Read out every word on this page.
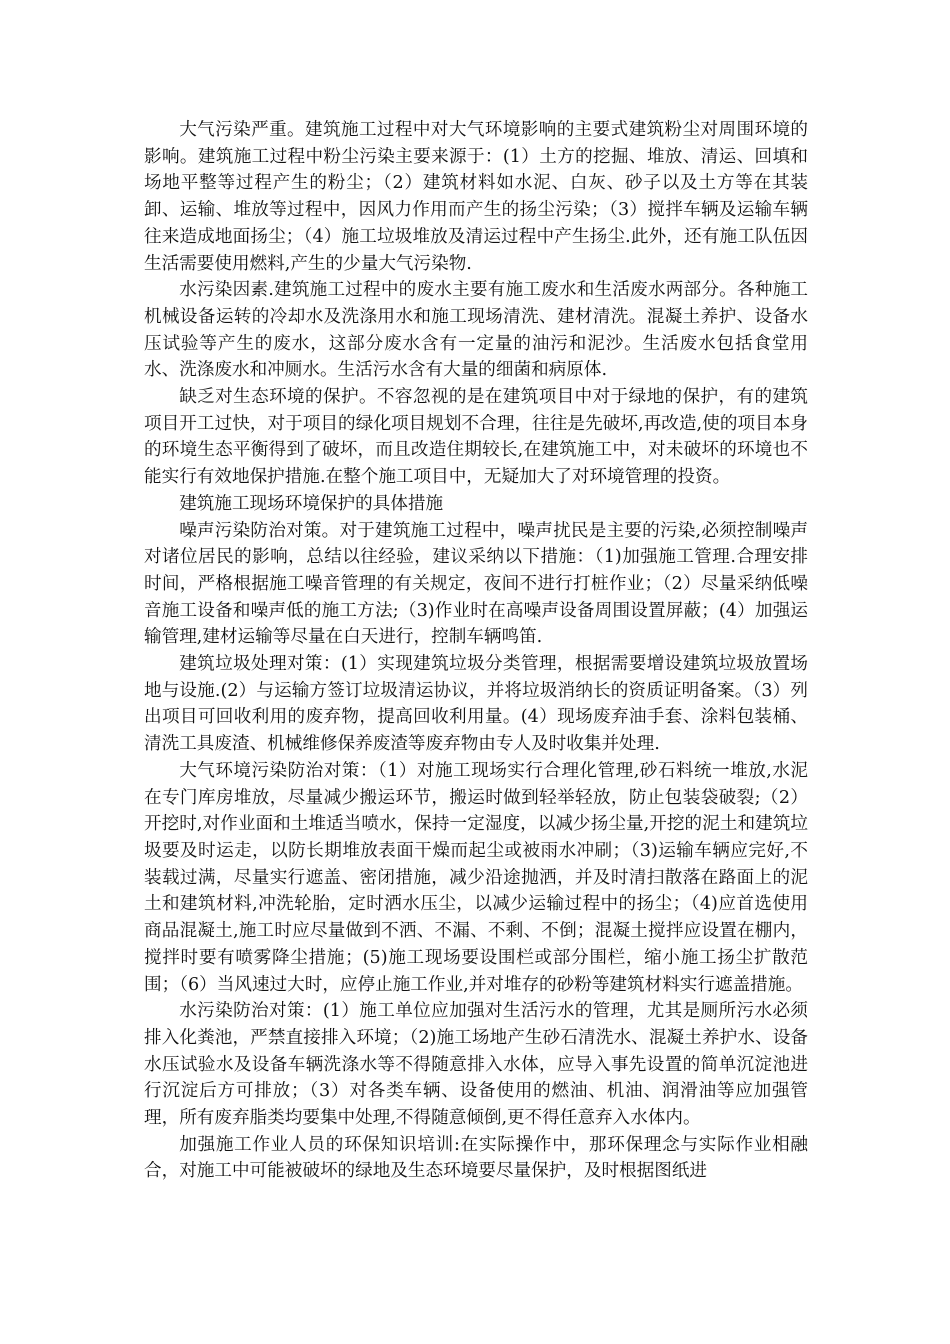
大气污染严重。建筑施工过程中对大气环境影响的主要式建筑粉尘对周围环境的影响。建筑施工过程中粉尘污染主要来源于：(1）土方的挖掘、堆放、清运、回填和场地平整等过程产生的粉尘；（2）建筑材料如水泥、白灰、砂子以及土方等在其装卸、运输、堆放等过程中，因风力作用而产生的扬尘污染；（3）搅拌车辆及运输车辆往来造成地面扬尘；（4）施工垃圾堆放及清运过程中产生扬尘.此外，还有施工队伍因生活需要使用燃料,产生的少量大气污染物.

水污染因素.建筑施工过程中的废水主要有施工废水和生活废水两部分。各种施工机械设备运转的冷却水及洗涤用水和施工现场清洗、建材清洗。混凝土养护、设备水压试验等产生的废水，这部分废水含有一定量的油污和泥沙。生活废水包括食堂用水、洗涤废水和冲厕水。生活污水含有大量的细菌和病原体.

缺乏对生态环境的保护。不容忽视的是在建筑项目中对于绿地的保护，有的建筑项目开工过快，对于项目的绿化项目规划不合理，往往是先破坏,再改造,使的项目本身的环境生态平衡得到了破坏，而且改造住期较长,在建筑施工中，对未破坏的环境也不能实行有效地保护措施.在整个施工项目中，无疑加大了对环境管理的投资。

建筑施工现场环境保护的具体措施

噪声污染防治对策。对于建筑施工过程中，噪声扰民是主要的污染,必须控制噪声对诸位居民的影响，总结以往经验，建议采纳以下措施：（1)加强施工管理.合理安排时间，严格根据施工噪音管理的有关规定，夜间不进行打桩作业；（2）尽量采纳低噪音施工设备和噪声低的施工方法;（3)作业时在高噪声设备周围设置屏蔽；(4）加强运输管理,建材运输等尽量在白天进行，控制车辆鸣笛.

建筑垃圾处理对策：(1）实现建筑垃圾分类管理，根据需要增设建筑垃圾放置场地与设施.(2）与运输方签订垃圾清运协议，并将垃圾消纳长的资质证明备案。（3）列出项目可回收利用的废弃物，提高回收利用量。(4）现场废弃油手套、涂料包装桶、清洗工具废渣、机械维修保养废渣等废弃物由专人及时收集并处理.

大气环境污染防治对策：（1）对施工现场实行合理化管理,砂石料统一堆放,水泥在专门库房堆放，尽量减少搬运环节，搬运时做到轻举轻放，防止包装袋破裂;（2）开挖时,对作业面和土堆适当喷水，保持一定湿度，以减少扬尘量,开挖的泥土和建筑垃圾要及时运走，以防长期堆放表面干燥而起尘或被雨水冲刷；（3)运输车辆应完好,不装载过满，尽量实行遮盖、密闭措施，减少沿途抛洒，并及时清扫散落在路面上的泥土和建筑材料,冲洗轮胎，定时洒水压尘，以减少运输过程中的扬尘；（4)应首选使用商品混凝土,施工时应尽量做到不洒、不漏、不剩、不倒；混凝土搅拌应设置在棚内，搅拌时要有喷雾降尘措施；(5)施工现场要设围栏或部分围栏，缩小施工扬尘扩散范围；（6）当风速过大时，应停止施工作业,并对堆存的砂粉等建筑材料实行遮盖措施。

水污染防治对策：(1）施工单位应加强对生活污水的管理，尤其是厕所污水必须排入化粪池，严禁直接排入环境；（2)施工场地产生砂石清洗水、混凝土养护水、设备水压试验水及设备车辆洗涤水等不得随意排入水体，应导入事先设置的简单沉淀池进行沉淀后方可排放；（3）对各类车辆、设备使用的燃油、机油、润滑油等应加强管理，所有废弃脂类均要集中处理,不得随意倾倒,更不得任意弃入水体内。

加强施工作业人员的环保知识培训:在实际操作中，那环保理念与实际作业相融合，对施工中可能被破坏的绿地及生态环境要尽量保护，及时根据图纸进
